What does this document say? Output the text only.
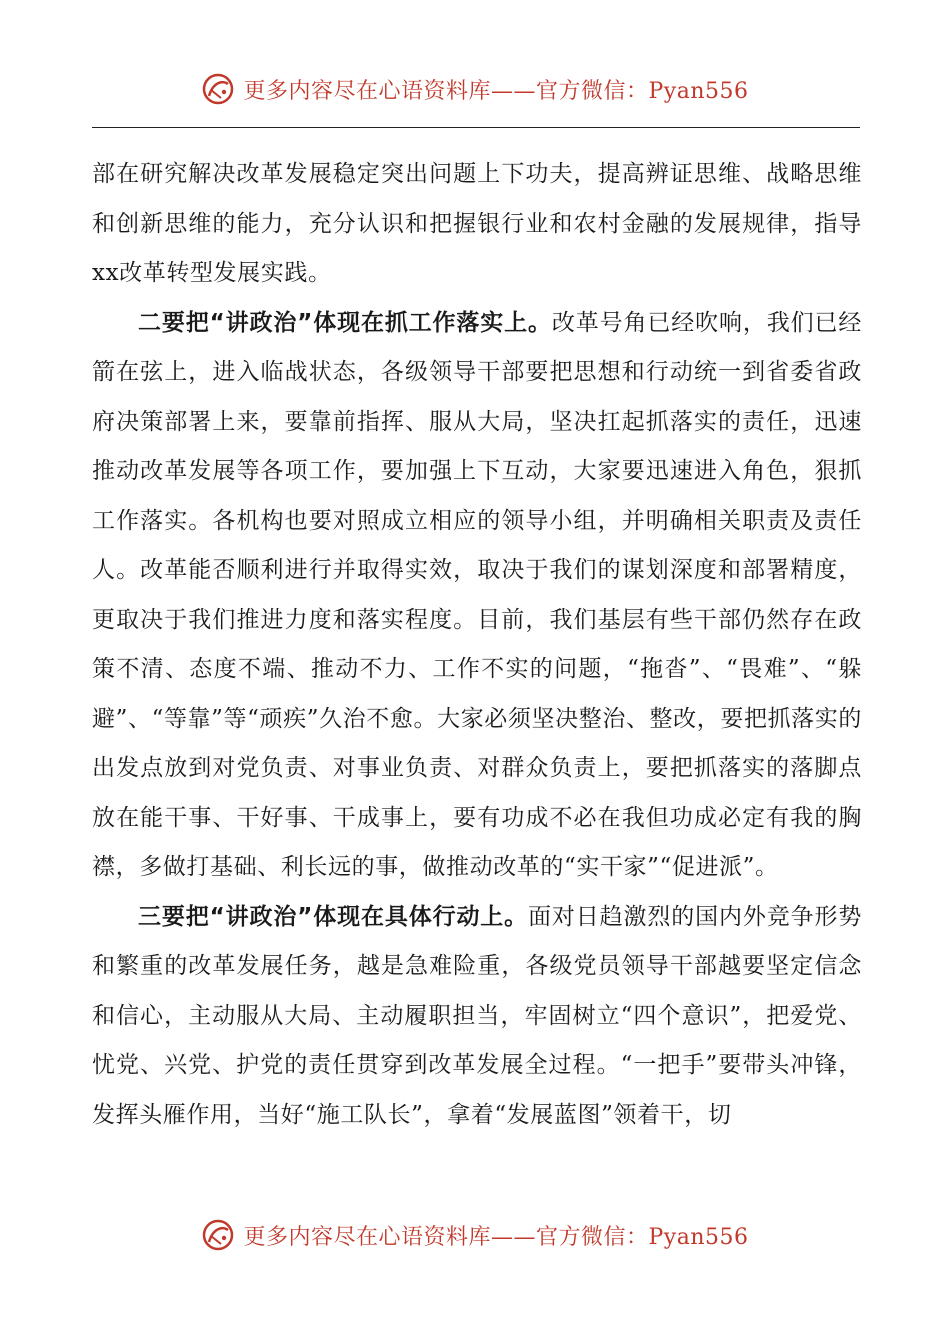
更多内容尽在心语资料库——官方微信：Pyan556

部在研究解决改革发展稳定突出问题上下功夫，提高辨证思维、战略思维和创新思维的能力，充分认识和把握银行业和农村金融的发展规律，指导xx改革转型发展实践。

二要把“讲政治”体现在抓工作落实上。改革号角已经吹响，我们已经箭在弦上，进入临战状态，各级领导干部要把思想和行动统一到省委省政府决策部署上来，要靠前指挥、服从大局，坚决扛起抓落实的责任，迅速推动改革发展等各项工作，要加强上下互动，大家要迅速进入角色，狠抓工作落实。各机构也要对照成立相应的领导小组，并明确相关职责及责任人。改革能否顺利进行并取得实效，取决于我们的谋划深度和部署精度，更取决于我们推进力度和落实程度。目前，我们基层有些干部仍然存在政策不清、态度不端、推动不力、工作不实的问题，“拖沓”、“畏难”、“躲避”、“等靠”等“顽疾”久治不愈。大家必须坚决整治、整改，要把抓落实的出发点放到对党负责、对事业负责、对群众负责上，要把抓落实的落脚点放在能干事、干好事、干成事上，要有功成不必在我但功成必定有我的胸襟，多做打基础、利长远的事，做推动改革的“实干家”“促进派”。

三要把“讲政治”体现在具体行动上。面对日趋激烈的国内外竞争形势和繁重的改革发展任务，越是急难险重，各级党员领导干部越要坚定信念和信心，主动服从大局、主动履职担当，牢固树立“四个意识”，把爱党、忧党、兴党、护党的责任贯穿到改革发展全过程。“一把手”要带头冲锋，发挥头雁作用，当好“施工队长”，拿着“发展蓝图”领着干，切

更多内容尽在心语资料库——官方微信：Pyan556
